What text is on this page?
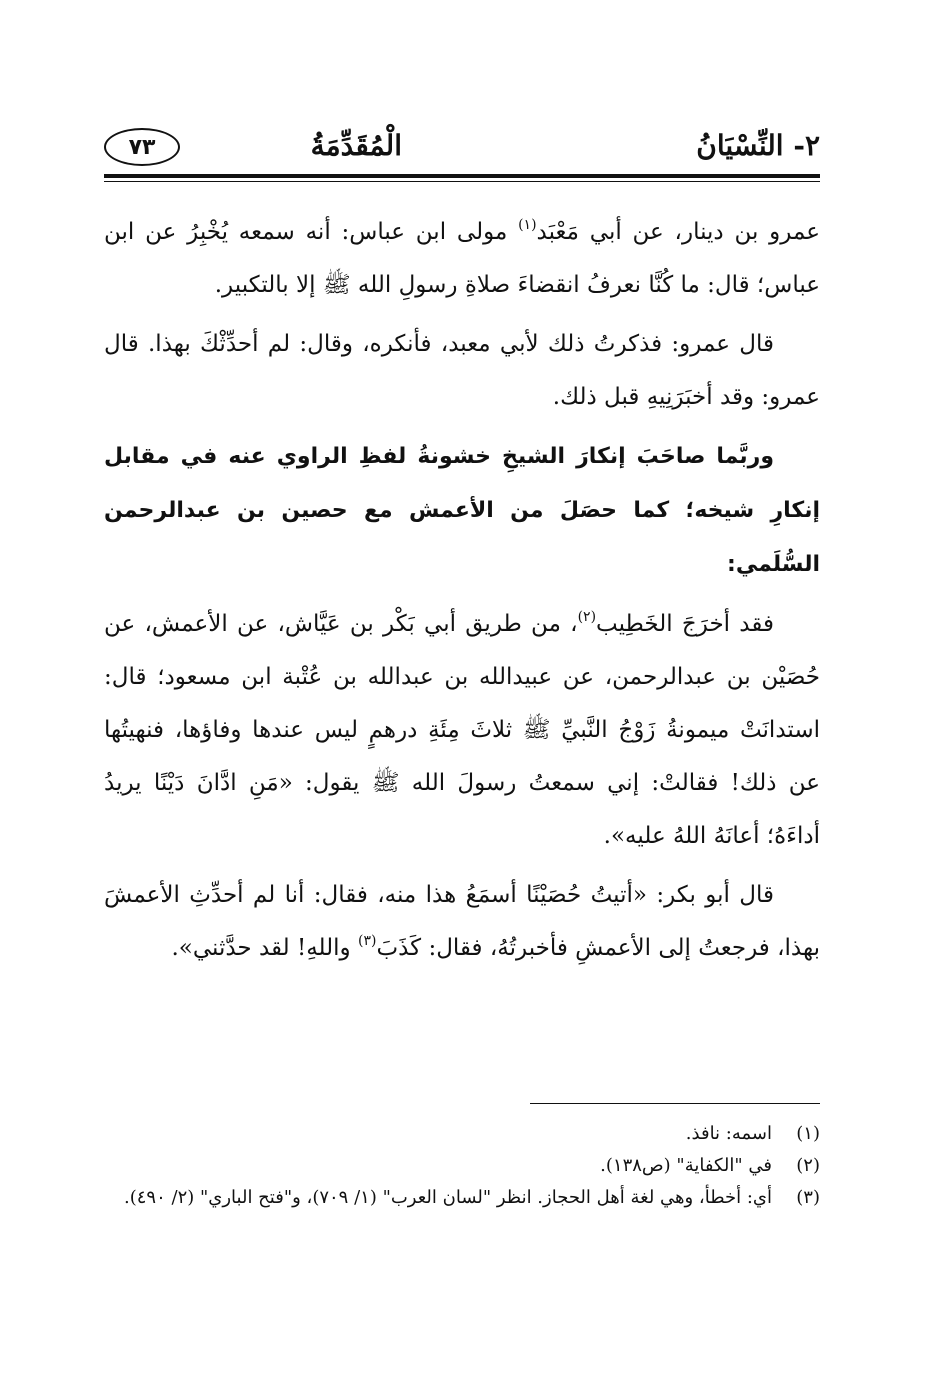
٢- النِّسْيَانُ
الْمُقَدِّمَةُ
٧٣

عمرو بن دينار، عن أبي مَعْبَد$^{(١)}$ مولى ابن عباس: أنه سمعه يُخْبِرُ عن ابن عباس؛ قال: ما كُنَّا نعرفُ انقضاءَ صلاةِ رسولِ الله ﷺ إلا بالتكبير.

قال عمرو: فذكرتُ ذلك لأبي معبد، فأنكره، وقال: لم أحدِّثْكَ بهذا. قال عمرو: وقد أخبَرَنِيهِ قبل ذلك.

وربَّما صاحَبَ إنكارَ الشيخِ خشونةُ لفظِ الراوي عنه في مقابل إنكارِ شيخه؛ كما حصَلَ من الأعمش مع حصين بن عبدالرحمن السُّلَمي:

فقد أخرَجَ الخَطِيب$^{(٢)}$، من طريق أبي بَكْر بن عَيَّاش، عن الأعمش، عن حُصَيْن بن عبدالرحمن، عن عبيدالله بن عبدالله بن عُتْبة ابن مسعود؛ قال: استدانَتْ ميمونةُ زَوْجُ النَّبيِّ ﷺ ثلاثَ مِئَةِ درهمٍ ليس عندها وفاؤها، فنهيتُها عن ذلك! فقالتْ: إني سمعتُ رسولَ الله ﷺ يقول: «مَنِ ادَّانَ دَيْنًا يريدُ أداءَهُ؛ أعانَهُ اللهُ عليه».

قال أبو بكر: «أتيتُ حُصَيْنًا أسمَعُ هذا منه، فقال: أنا لم أحدِّثِ الأعمشَ بهذا، فرجعتُ إلى الأعمشِ فأخبرتُهُ، فقال: كَذَبَ$^{(٣)}$ واللهِ! لقد حدَّثني».

(١)
اسمه: نافذ.

(٢)
في "الكفاية" (ص١٣٨).

(٣)
أي: أخطأ، وهي لغة أهل الحجاز. انظر "لسان العرب" (١/ ٧٠٩)، و"فتح الباري" (٢/ ٤٩٠).
